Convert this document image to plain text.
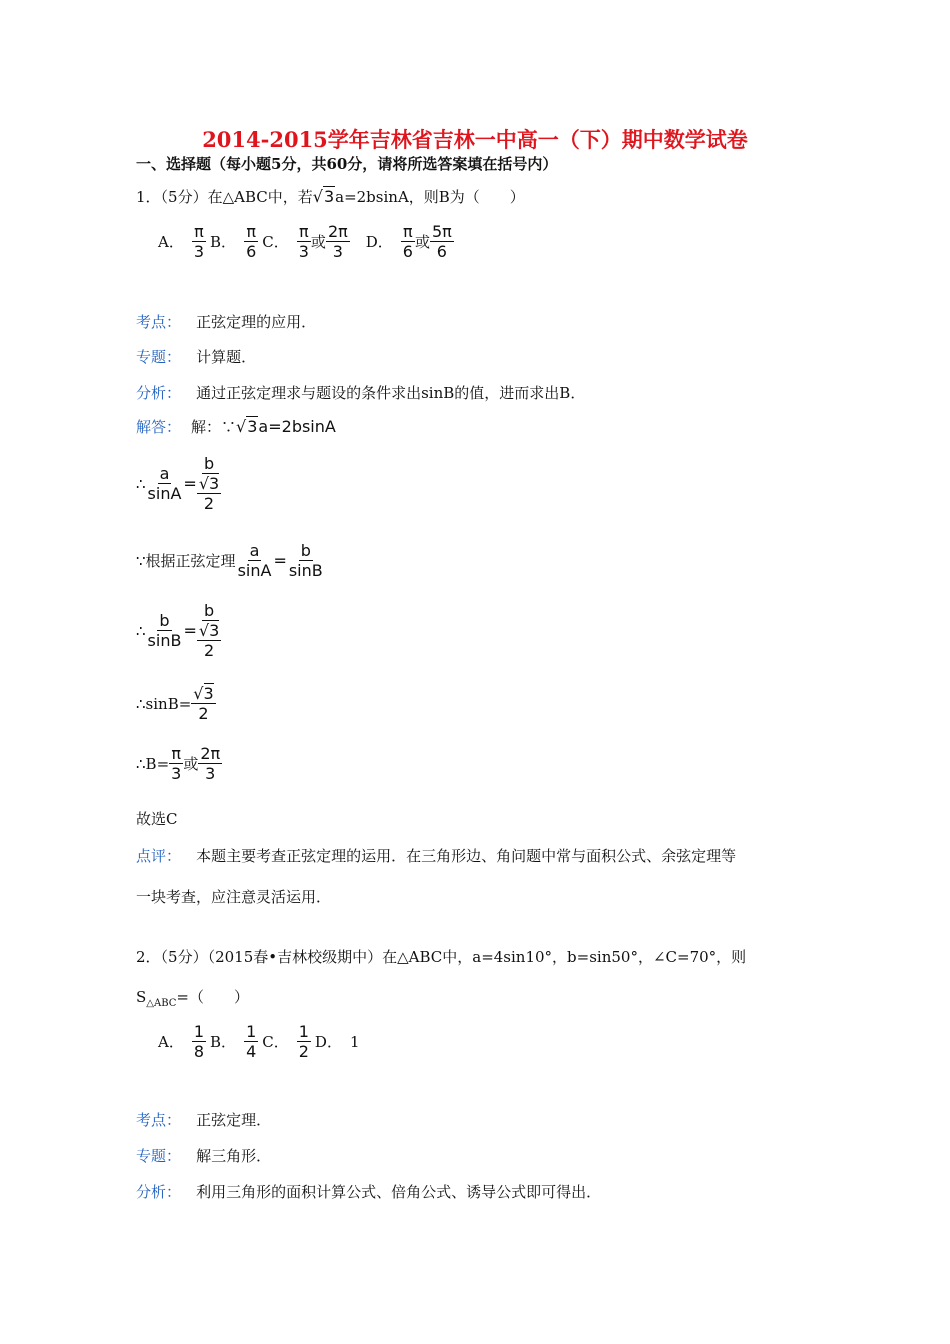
2014-2015学年吉林省吉林一中高一（下）期中数学试卷
一、选择题（每小题5分，共60分，请将所选答案填在括号内）
1．（5分）在△ABC中，若 √3 a=2bsinA，则B为（　　）
A． $\frac{\pi}{3}$ B． $\frac{\pi}{6}$ C． $\frac{\pi}{3}$ 或 $\frac{2\pi}{3}$ D． $\frac{\pi}{6}$ 或 $\frac{5\pi}{6}$
考点： 正弦定理的应用．
专题： 计算题．
分析： 通过正弦定理求与题设的条件求出sinB的值，进而求出B．
解答： 解：∵ √3 a=2bsinA
∴ $\frac{a}{\sin A} = b$
√3
2
∵ 根据正弦定理 $\frac{a}{\sin A} = \frac{b}{\sin B}$
∴ $\frac{b}{\sin B} = b$
√3
2
∴ $\sin B= \frac{√3}{2}$
∴ $B= \frac{\pi}{3}$ 或 $\frac{2\pi}{3}$
故选C
点评： 本题主要考查正弦定理的运用．在三角形边、角问题中常与面积公式、余弦定理等
一块考查，应注意灵活运用．
2．（5分）（2015春•吉林校级期中）在△ABC中，a=4sin10°，b=sin50°，∠C=70°，则
$S_{\triangle ABC}=$（　　）
A． $\frac{1}{8}$ B． $\frac{1}{4}$ C． $\frac{1}{2}$ D． 1
考点： 正弦定理．
专题： 解三角形．
分析： 利用三角形的面积计算公式、倍角公式、诱导公式即可得出．
